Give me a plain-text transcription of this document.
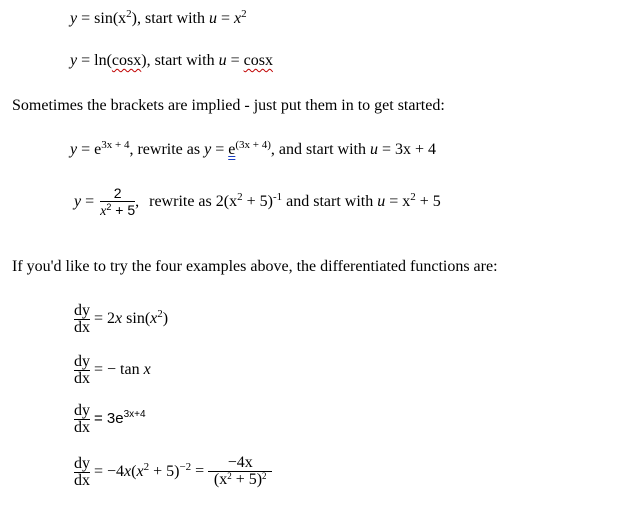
$y = \sin(x^2)$, start with $u = x^2$
y = ln(cosx), start with u = cosx
Sometimes the brackets are implied - just put them in to get started:
$y = e^{3x + 4}$, rewrite as $y = e^{(3x + 4)}$, and start with u = 3x + 4
$y = \frac{2}{x^2 + 5}$ , rewrite as $2(x^2 + 5)^{-1}$ and start with $u = x^2 + 5$
If you'd like to try the four examples above, the differentiated functions are:
$\frac{dy}{dx} = 2x$ $\sin(x^2)$
$\frac{dy}{dx}$ = − tan x
$\frac{dy}{dx} = 3e^{3x+4}$
$\frac{dy}{dx} = -4x(x^2 + 5)^{-2} = \frac{-4x}{(x^2 + 5)^2}$
